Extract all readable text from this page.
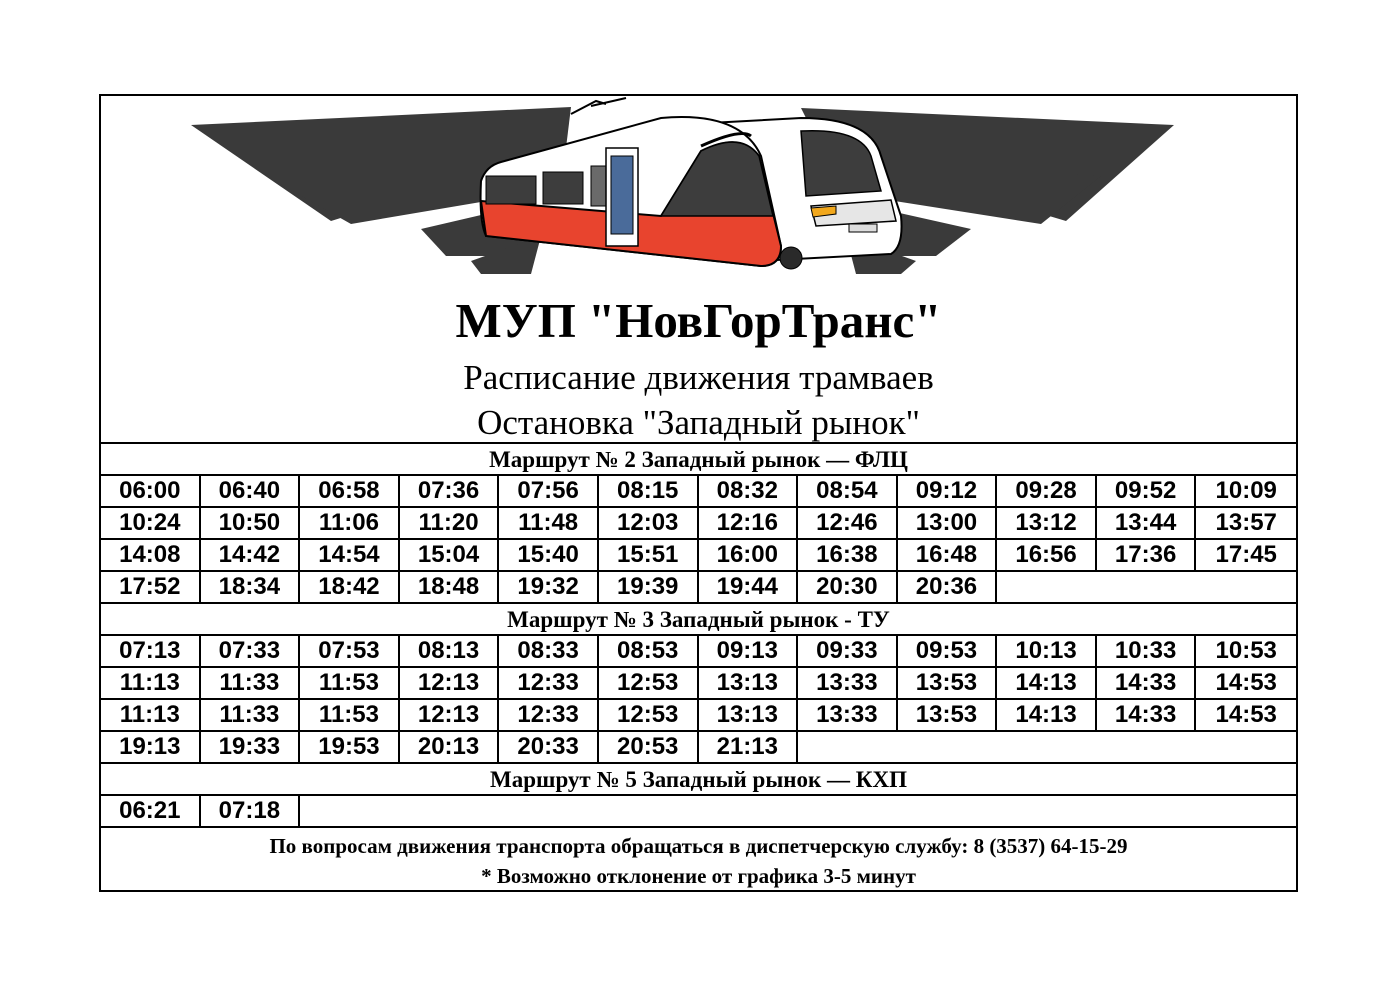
МУП "НовГорТранс"
Расписание движения трамваев
Остановка "Западный рынок"
Маршрут № 2 Западный рынок — ФЛЦ
06:00	06:40	06:58	07:36	07:56	08:15	08:32	08:54	09:12	09:28	09:52	10:09
10:24	10:50	11:06	11:20	11:48	12:03	12:16	12:46	13:00	13:12	13:44	13:57
14:08	14:42	14:54	15:04	15:40	15:51	16:00	16:38	16:48	16:56	17:36	17:45
17:52	18:34	18:42	18:48	19:32	19:39	19:44	20:30	20:36
Маршрут № 3 Западный рынок - ТУ
07:13	07:33	07:53	08:13	08:33	08:53	09:13	09:33	09:53	10:13	10:33	10:53
11:13	11:33	11:53	12:13	12:33	12:53	13:13	13:33	13:53	14:13	14:33	14:53
11:13	11:33	11:53	12:13	12:33	12:53	13:13	13:33	13:53	14:13	14:33	14:53
19:13	19:33	19:53	20:13	20:33	20:53	21:13
Маршрут № 5 Западный рынок — КХП
06:21	07:18
По вопросам движения транспорта обращаться в диспетчерскую службу: 8 (3537) 64-15-29
* Возможно отклонение от графика 3-5 минут
